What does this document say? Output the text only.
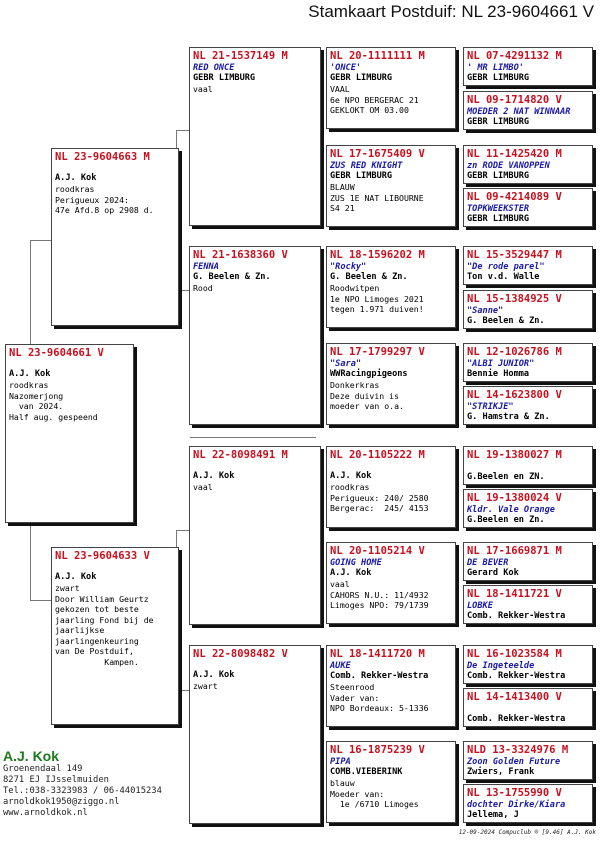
Stamkaart Postduif: NL 23-9604661 V
NL 23-9604661 V
A.J. Kok
roodkras
Nazomerjong
van 2024.
Half aug. gespeend
NL 23-9604663 M
A.J. Kok
roodkras
Perigueux 2024:
47e Afd.8 op 2908 d.
NL 23-9604633 V
A.J. Kok
zwart
Door William Geurtz
gekozen tot beste
jaarling Fond bij de
jaarlijkse
jaarlingenkeuring
van De Postduif,
Kampen.
NL 21-1537149 M
RED ONCE
GEBR LIMBURG
vaal
NL 21-1638360 V
FENNA
G. Beelen & Zn.
Rood
NL 22-8098491 M
A.J. Kok
vaal
NL 22-8098482 V
A.J. Kok
zwart
NL 20-1111111 M
'ONCE'
GEBR LIMBURG
VAAL
6e NPO BERGERAC 21
GEKLOKT OM 03.00
NL 17-1675409 V
ZUS RED KNIGHT
GEBR LIMBURG
BLAUW
ZUS 1E NAT LIBOURNE
S4 21
NL 18-1596202 M
"Rocky"
G. Beelen & Zn.
Roodwitpen
1e NPO Limoges 2021
tegen 1.971 duiven!
NL 17-1799297 V
"Sara"
WWRacingpigeons
Donkerkras
Deze duivin is
moeder van o.a.
NL 20-1105222 M
A.J. Kok
roodkras
Perigueux: 240/ 2580
Bergerac:  245/ 4153
NL 20-1105214 V
GOING HOME
A.J. Kok
vaal
CAHORS N.U.: 11/4932
Limoges NPO: 79/1739
NL 18-1411720 M
AUKE
Comb. Rekker-Westra
Steenrood
Vader van:
NPO Bordeaux: 5-1336
NL 16-1875239 V
PIPA
COMB.VIEBERINK
blauw
Moeder van:
1e /6710 Limoges
NL 07-4291132 M
' MR LIMBO'
GEBR LIMBURG
NL 09-1714820 V
MOEDER 2 NAT WINNAAR
GEBR LIMBURG
NL 11-1425420 M
zn RODE VANOPPEN
GEBR LIMBURG
NL 09-4214089 V
TOPKWEEKSTER
GEBR LIMBURG
NL 15-3529447 M
"De rode parel"
Ton v.d. Walle
NL 15-1384925 V
"Sanne"
G. Beelen & Zn.
NL 12-1026786 M
"ALBI JUNIOR"
Bennie Homma
NL 14-1623800 V
"STRIKJE"
G. Hamstra & Zn.
NL 19-1380027 M
G.Beelen en ZN.
NL 19-1380024 V
Kldr. Vale Orange
G.Beelen en Zn.
NL 17-1669871 M
DE BEVER
Gerard Kok
NL 18-1411721 V
LOBKE
Comb. Rekker-Westra
NL 16-1023584 M
De Ingeteelde
Comb. Rekker-Westra
NL 14-1413400 V
Comb. Rekker-Westra
NLD 13-3324976 M
Zoon Golden Future
Zwiers, Frank
NL 13-1755990 V
dochter Dirke/Kiara
Jellema, J
A.J. Kok
Groenendaal 149
8271 EJ IJsselmuiden
Tel.:038-3323983 / 06-44015234
arnoldkok1950@ziggo.nl
www.arnoldkok.nl
12-09-2024 Compuclub ® [9.46] A.J. Kok
